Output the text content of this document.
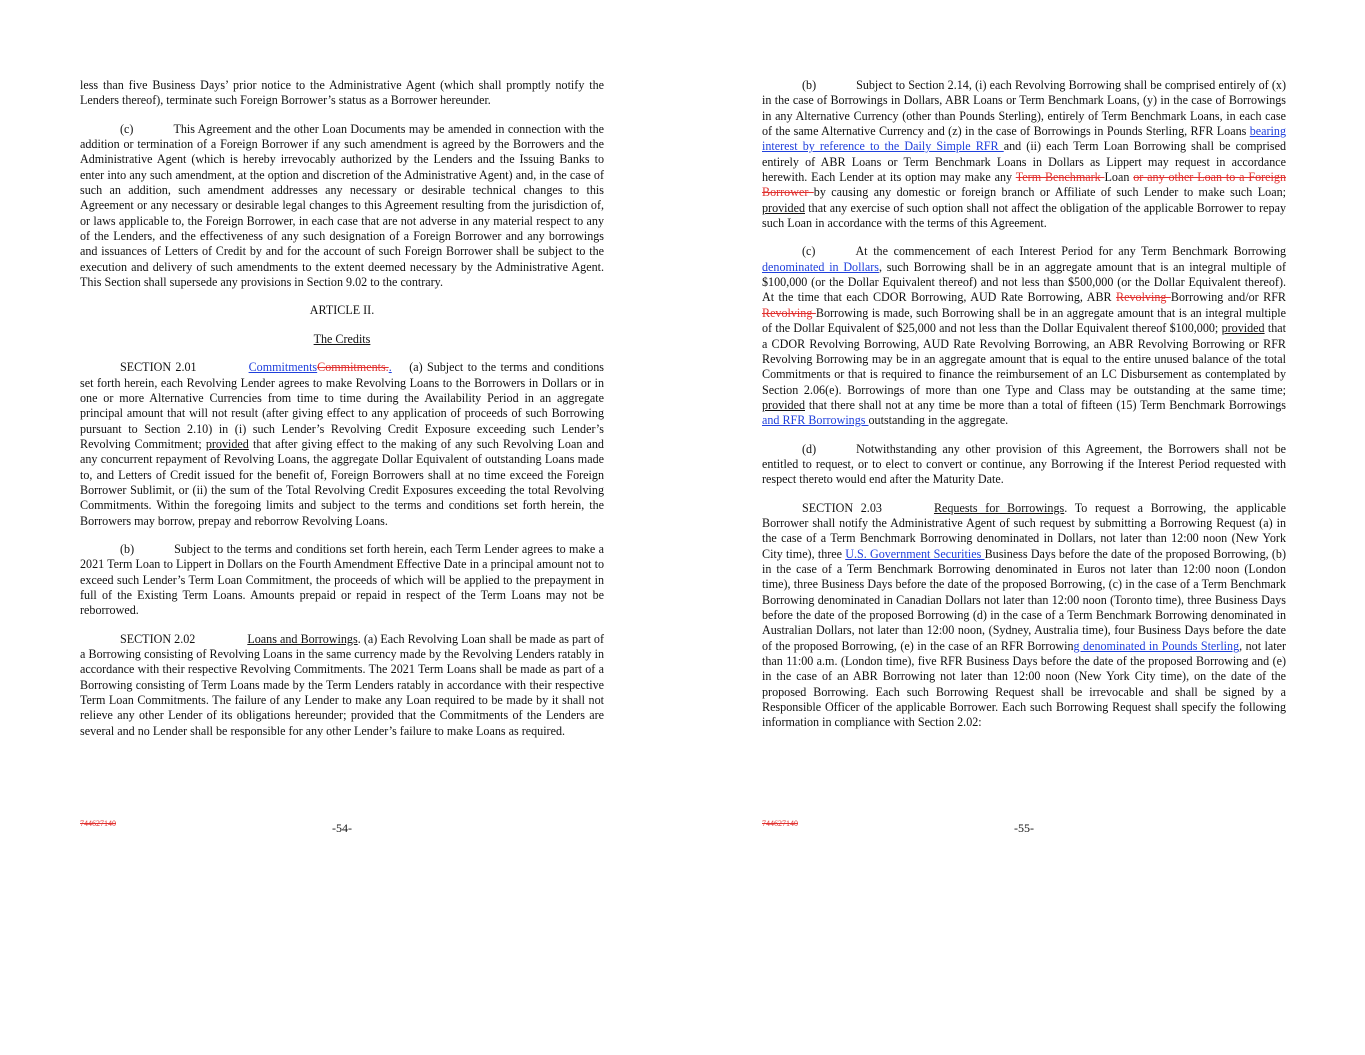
less than five Business Days’ prior notice to the Administrative Agent (which shall promptly notify the Lenders thereof), terminate such Foreign Borrower’s status as a Borrower hereunder.

(c)	This Agreement and the other Loan Documents may be amended in connection with the addition or termination of a Foreign Borrower if any such amendment is agreed by the Borrowers and the Administrative Agent (which is hereby irrevocably authorized by the Lenders and the Issuing Banks to enter into any such amendment, at the option and discretion of the Administrative Agent) and, in the case of such an addition, such amendment addresses any necessary or desirable technical changes to this Agreement or any necessary or desirable legal changes to this Agreement resulting from the jurisdiction of, or laws applicable to, the Foreign Borrower, in each case that are not adverse in any material respect to any of the Lenders, and the effectiveness of any such designation of a Foreign Borrower and any borrowings and issuances of Letters of Credit by and for the account of such Foreign Borrower shall be subject to the execution and delivery of such amendments to the extent deemed necessary by the Administrative Agent. This Section shall supersede any provisions in Section 9.02 to the contrary.

ARTICLE II.

The Credits

SECTION 2.01	CommitmentsCommitments.. (a) Subject to the terms and conditions set forth herein, each Revolving Lender agrees to make Revolving Loans to the Borrowers in Dollars or in one or more Alternative Currencies from time to time during the Availability Period in an aggregate principal amount that will not result (after giving effect to any application of proceeds of such Borrowing pursuant to Section 2.10) in (i) such Lender’s Revolving Credit Exposure exceeding such Lender’s Revolving Commitment; provided that after giving effect to the making of any such Revolving Loan and any concurrent repayment of Revolving Loans, the aggregate Dollar Equivalent of outstanding Loans made to, and Letters of Credit issued for the benefit of, Foreign Borrowers shall at no time exceed the Foreign Borrower Sublimit, or (ii) the sum of the Total Revolving Credit Exposures exceeding the total Revolving Commitments. Within the foregoing limits and subject to the terms and conditions set forth herein, the Borrowers may borrow, prepay and reborrow Revolving Loans.

(b)	Subject to the terms and conditions set forth herein, each Term Lender agrees to make a 2021 Term Loan to Lippert in Dollars on the Fourth Amendment Effective Date in a principal amount not to exceed such Lender’s Term Loan Commitment, the proceeds of which will be applied to the prepayment in full of the Existing Term Loans. Amounts prepaid or repaid in respect of the Term Loans may not be reborrowed.

SECTION 2.02	Loans and Borrowings. (a) Each Revolving Loan shall be made as part of a Borrowing consisting of Revolving Loans in the same currency made by the Revolving Lenders ratably in accordance with their respective Revolving Commitments. The 2021 Term Loans shall be made as part of a Borrowing consisting of Term Loans made by the Term Lenders ratably in accordance with their respective Term Loan Commitments. The failure of any Lender to make any Loan required to be made by it shall not relieve any other Lender of its obligations hereunder; provided that the Commitments of the Lenders are several and no Lender shall be responsible for any other Lender’s failure to make Loans as required.

744627140	-54-

(b)	Subject to Section 2.14, (i) each Revolving Borrowing shall be comprised entirely of (x) in the case of Borrowings in Dollars, ABR Loans or Term Benchmark Loans, (y) in the case of Borrowings in any Alternative Currency (other than Pounds Sterling), entirely of Term Benchmark Loans, in each case of the same Alternative Currency and (z) in the case of Borrowings in Pounds Sterling, RFR Loans bearing interest by reference to the Daily Simple RFR and (ii) each Term Loan Borrowing shall be comprised entirely of ABR Loans or Term Benchmark Loans in Dollars as Lippert may request in accordance herewith. Each Lender at its option may make any Term Benchmark Loan or any other Loan to a Foreign Borrower by causing any domestic or foreign branch or Affiliate of such Lender to make such Loan; provided that any exercise of such option shall not affect the obligation of the applicable Borrower to repay such Loan in accordance with the terms of this Agreement.

(c)	At the commencement of each Interest Period for any Term Benchmark Borrowing denominated in Dollars, such Borrowing shall be in an aggregate amount that is an integral multiple of $100,000 (or the Dollar Equivalent thereof) and not less than $500,000 (or the Dollar Equivalent thereof). At the time that each CDOR Borrowing, AUD Rate Borrowing, ABR Revolving Borrowing and/or RFR Revolving Borrowing is made, such Borrowing shall be in an aggregate amount that is an integral multiple of the Dollar Equivalent of $25,000 and not less than the Dollar Equivalent thereof $100,000; provided that a CDOR Revolving Borrowing, AUD Rate Revolving Borrowing, an ABR Revolving Borrowing or RFR Revolving Borrowing may be in an aggregate amount that is equal to the entire unused balance of the total Commitments or that is required to finance the reimbursement of an LC Disbursement as contemplated by Section 2.06(e). Borrowings of more than one Type and Class may be outstanding at the same time; provided that there shall not at any time be more than a total of fifteen (15) Term Benchmark Borrowings and RFR Borrowings outstanding in the aggregate.

(d)	Notwithstanding any other provision of this Agreement, the Borrowers shall not be entitled to request, or to elect to convert or continue, any Borrowing if the Interest Period requested with respect thereto would end after the Maturity Date.

SECTION 2.03	Requests for Borrowings. To request a Borrowing, the applicable Borrower shall notify the Administrative Agent of such request by submitting a Borrowing Request (a) in the case of a Term Benchmark Borrowing denominated in Dollars, not later than 12:00 noon (New York City time), three U.S. Government Securities Business Days before the date of the proposed Borrowing, (b) in the case of a Term Benchmark Borrowing denominated in Euros not later than 12:00 noon (London time), three Business Days before the date of the proposed Borrowing, (c) in the case of a Term Benchmark Borrowing denominated in Canadian Dollars not later than 12:00 noon (Toronto time), three Business Days before the date of the proposed Borrowing (d) in the case of a Term Benchmark Borrowing denominated in Australian Dollars, not later than 12:00 noon, (Sydney, Australia time), four Business Days before the date of the proposed Borrowing, (e) in the case of an RFR Borrowing denominated in Pounds Sterling, not later than 11:00 a.m. (London time), five RFR Business Days before the date of the proposed Borrowing and (e) in the case of an ABR Borrowing not later than 12:00 noon (New York City time), on the date of the proposed Borrowing. Each such Borrowing Request shall be irrevocable and shall be signed by a Responsible Officer of the applicable Borrower. Each such Borrowing Request shall specify the following information in compliance with Section 2.02:

744627140	-55-
